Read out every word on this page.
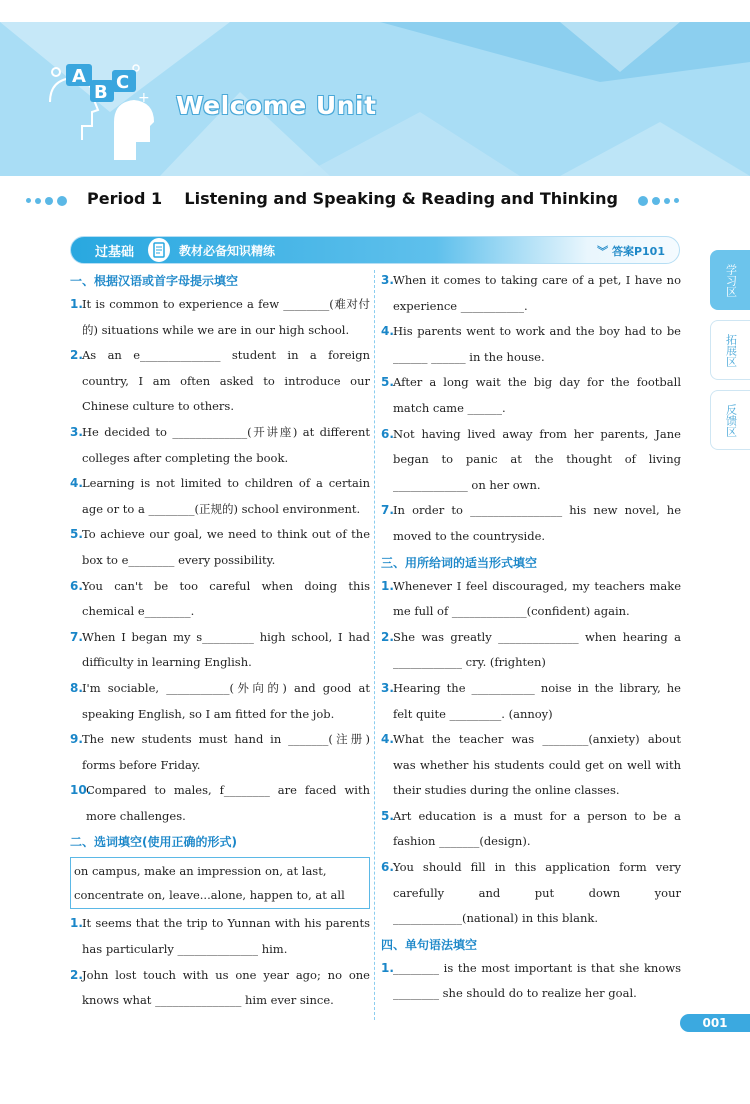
A
B C
+ Welcome Unit
Period 1    Listening and Speaking & Reading and Thinking
过基础	教材必备知识精练	︾ 答案P101
一、根据汉语或首字母提示填空
1. It is common to experience a few ________(难对付的) situations while we are in our high school.
2. As an e______________ student in a foreign country, I am often asked to introduce our Chinese culture to others.
3. He decided to _____________(开讲座) at different colleges after completing the book.
4. Learning is not limited to children of a certain age or to a ________(正规的) school environment.
5. To achieve our goal, we need to think out of the box to e________ every possibility.
6. You can't be too careful when doing this chemical e________.
7. When I began my s_________ high school, I had difficulty in learning English.
8. I'm sociable, ___________(外向的) and good at speaking English, so I am fitted for the job.
9. The new students must hand in _______(注册) forms before Friday.
10.
Compared to males, f________ are faced with more challenges.
二、选词填空(使用正确的形式)
on campus, make an impression on, at last, concentrate on, leave...alone, happen to, at all
1. It seems that the trip to Yunnan with his parents has particularly ______________ him.
2. John lost touch with us one year ago; no one knows what _______________ him ever since.
3. When it comes to taking care of a pet, I have no experience ___________.
4. His parents went to work and the boy had to be ______ ______ in the house.
5. After a long wait the big day for the football match came ______.
6. Not having lived away from her parents, Jane began to panic at the thought of living _____________ on her own.
7. In order to ________________ his new novel, he moved to the countryside.
三、用所给词的适当形式填空
1. Whenever I feel discouraged, my teachers make me full of _____________(confident) again.
2. She was greatly ______________ when hearing a ____________ cry. (frighten)
3. Hearing the ___________ noise in the library, he felt quite _________. (annoy)
4. What the teacher was ________(anxiety) about was whether his students could get on well with their studies during the online classes.
5. Art education is a must for a person to be a fashion _______(design).
6. You should fill in this application form very carefully and put down your ____________(national) in this blank.
四、单句语法填空
1. ________ is the most important is that she knows ________ she should do to realize her goal.
学习区
拓展区
反馈区
001
